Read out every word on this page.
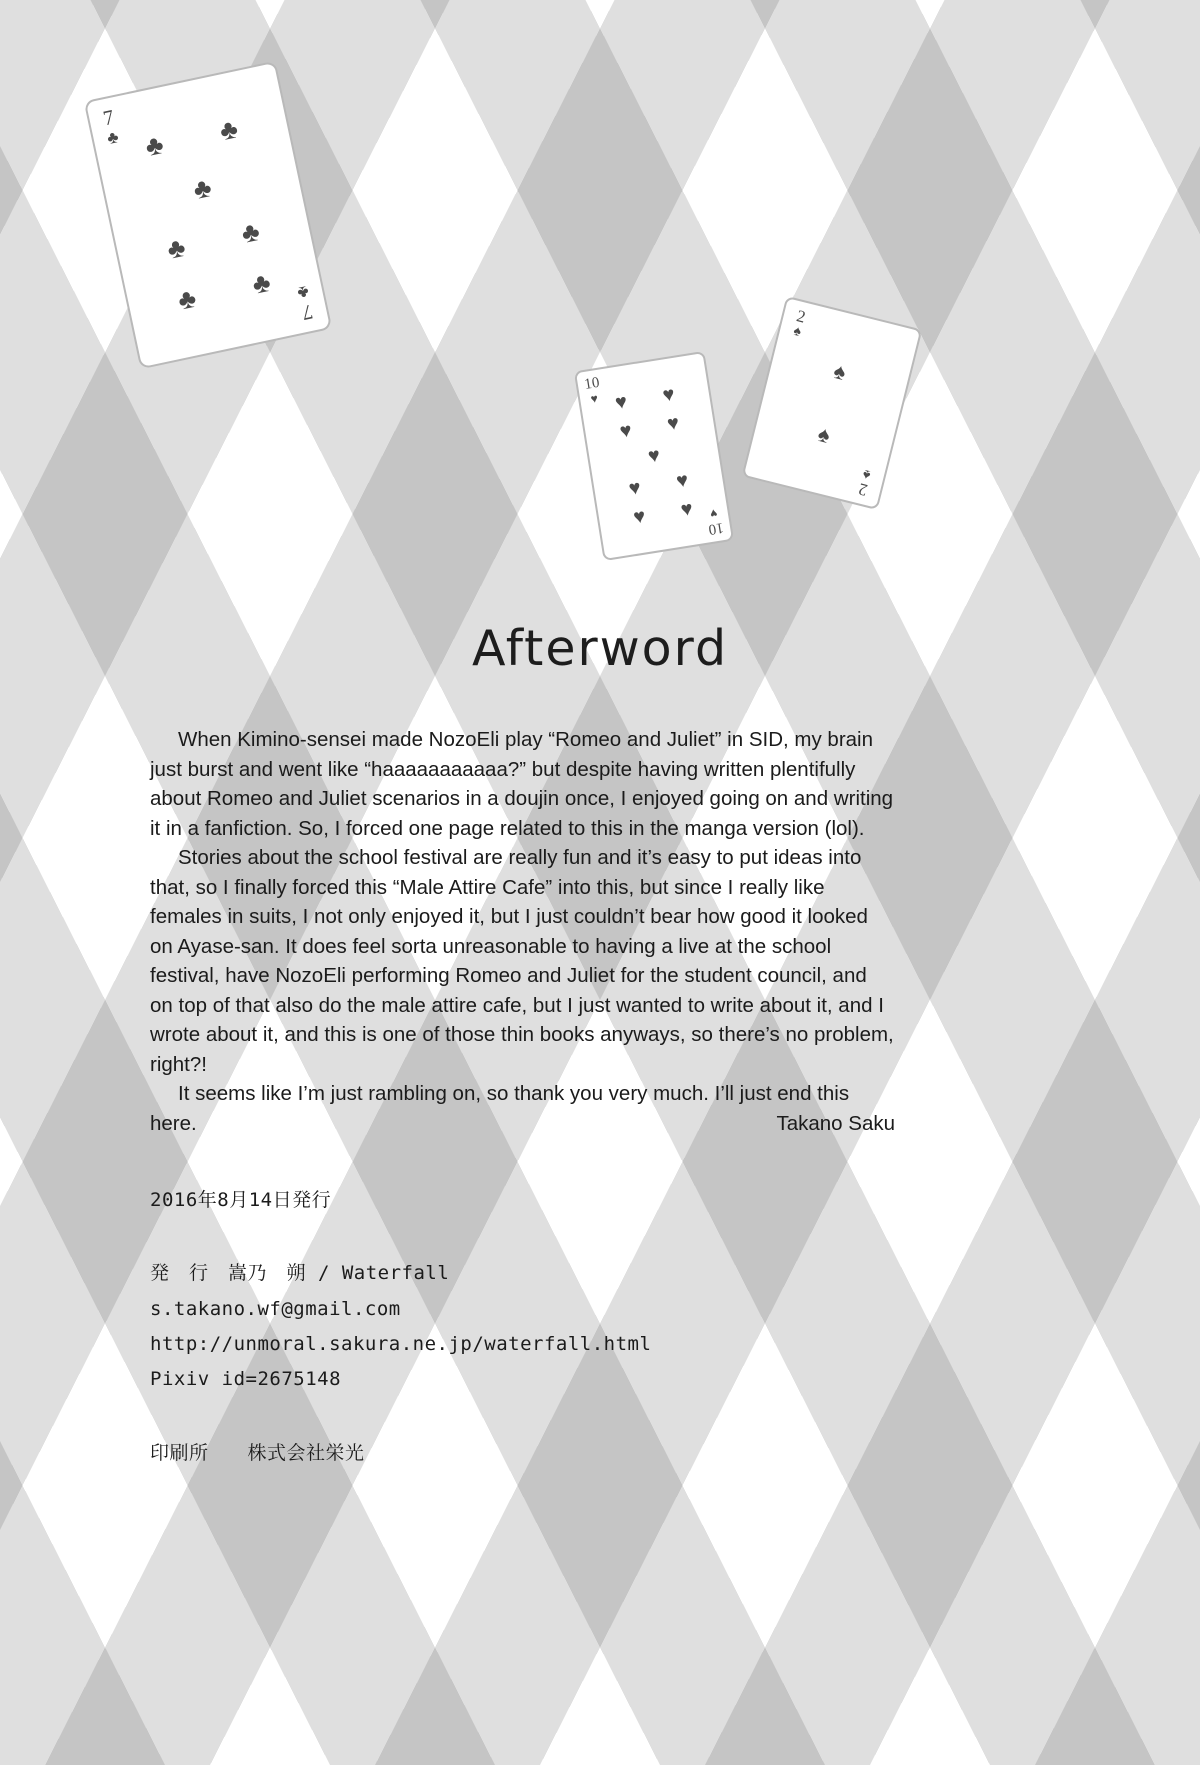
7
♣
7
♣
♣	♣
♣
♣	♣
♣	♣
10
♥
10
♥
♥	♥
♥	♥
♥
♥	♥
♥	♥
2
♠
2
♠
♠
♠
Afterword

When Kimino-sensei made NozoEli play “Romeo and Juliet” in SID, my brain just burst and went like “haaaaaaaaaaa?” but despite having written plentifully about Romeo and Juliet scenarios in a doujin once, I enjoyed going on and writing it in a fanfiction. So, I forced one page related to this in the manga version (lol).

Stories about the school festival are really fun and it’s easy to put ideas into that, so I finally forced this “Male Attire Cafe” into this, but since I really like females in suits, I not only enjoyed it, but I just couldn’t bear how good it looked on Ayase-san. It does feel sorta unreasonable to having a live at the school festival, have NozoEli performing Romeo and Juliet for the student council, and on top of that also do the male attire cafe, but I just wanted to write about it, and I wrote about it, and this is one of those thin books anyways, so there’s no problem, right?!

It seems like I’m just rambling on, so thank you very much. I’ll just end this here.	Takano Saku
2016年8月14日発行
発　行　嵩乃　朔 / Waterfall
s.takano.wf@gmail.com
http://unmoral.sakura.ne.jp/waterfall.html
Pixiv id=2675148
印刷所　　株式会社栄光
